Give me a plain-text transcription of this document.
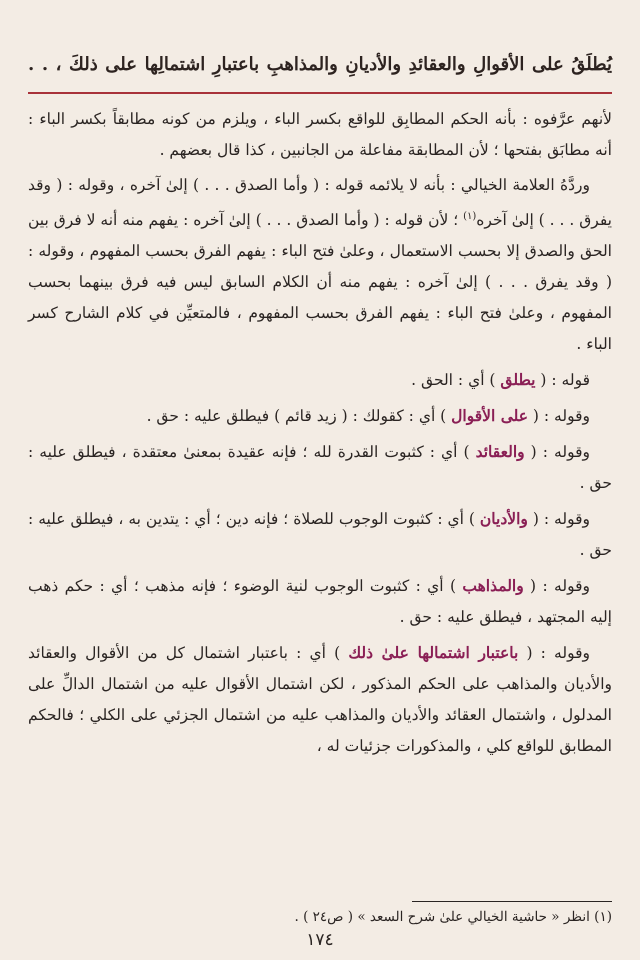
يُطلَقُ على الأقوالِ والعقائدِ والأديانِ والمذاهبِ باعتبارِ اشتمالِها على ذلكَ ، . .

لأنهم عرَّفوه : بأنه الحكم المطابِق للواقع بكسر الباء ، ويلزم من كونه مطابقاً بكسر الباء : أنه مطابَق بفتحها ؛ لأن المطابقة مفاعلة من الجانبين ، كذا قال بعضهم .

وردَّهُ العلامة الخيالي : بأنه لا يلائمه قوله : ( وأما الصدق . . . ) إلىٰ آخره ، وقوله : ( وقد يفرق . . . ) إلىٰ آخره$^{(١)}$ ؛ لأن قوله : ( وأما الصدق . . . ) إلىٰ آخره : يفهم منه أنه لا فرق بين الحق والصدق إلا بحسب الاستعمال ، وعلىٰ فتح الباء : يفهم الفرق بحسب المفهوم ، وقوله : ( وقد يفرق . . . ) إلىٰ آخره : يفهم منه أن الكلام السابق ليس فيه فرق بينهما بحسب المفهوم ، وعلىٰ فتح الباء : يفهم الفرق بحسب المفهوم ، فالمتعيِّن في كلام الشارح كسر الباء .

قوله : ( يطلق ) أي : الحق .

وقوله : ( على الأقوال ) أي : كقولك : ( زيد قائم ) فيطلق عليه : حق .

وقوله : ( والعقائد ) أي : كثبوت القدرة لله ؛ فإنه عقيدة بمعنىٰ معتقدة ، فيطلق عليه : حق .

وقوله : ( والأديان ) أي : كثبوت الوجوب للصلاة ؛ فإنه دين ؛ أي : يتدين به ، فيطلق عليه : حق .

وقوله : ( والمذاهب ) أي : كثبوت الوجوب لنية الوضوء ؛ فإنه مذهب ؛ أي : حكم ذهب إليه المجتهد ، فيطلق عليه : حق .

وقوله : ( باعتبار اشتمالها علىٰ ذلك ) أي : باعتبار اشتمال كل من الأقوال والعقائد والأديان والمذاهب على الحكم المذكور ، لكن اشتمال الأقوال عليه من اشتمال الدالِّ على المدلول ، واشتمال العقائد والأديان والمذاهب عليه من اشتمال الجزئي على الكلي ؛ فالحكم المطابق للواقع كلي ، والمذكورات جزئيات له ،

(١) انظر « حاشية الخيالي علىٰ شرح السعد » ( ص٢٤ ) .
١٧٤
